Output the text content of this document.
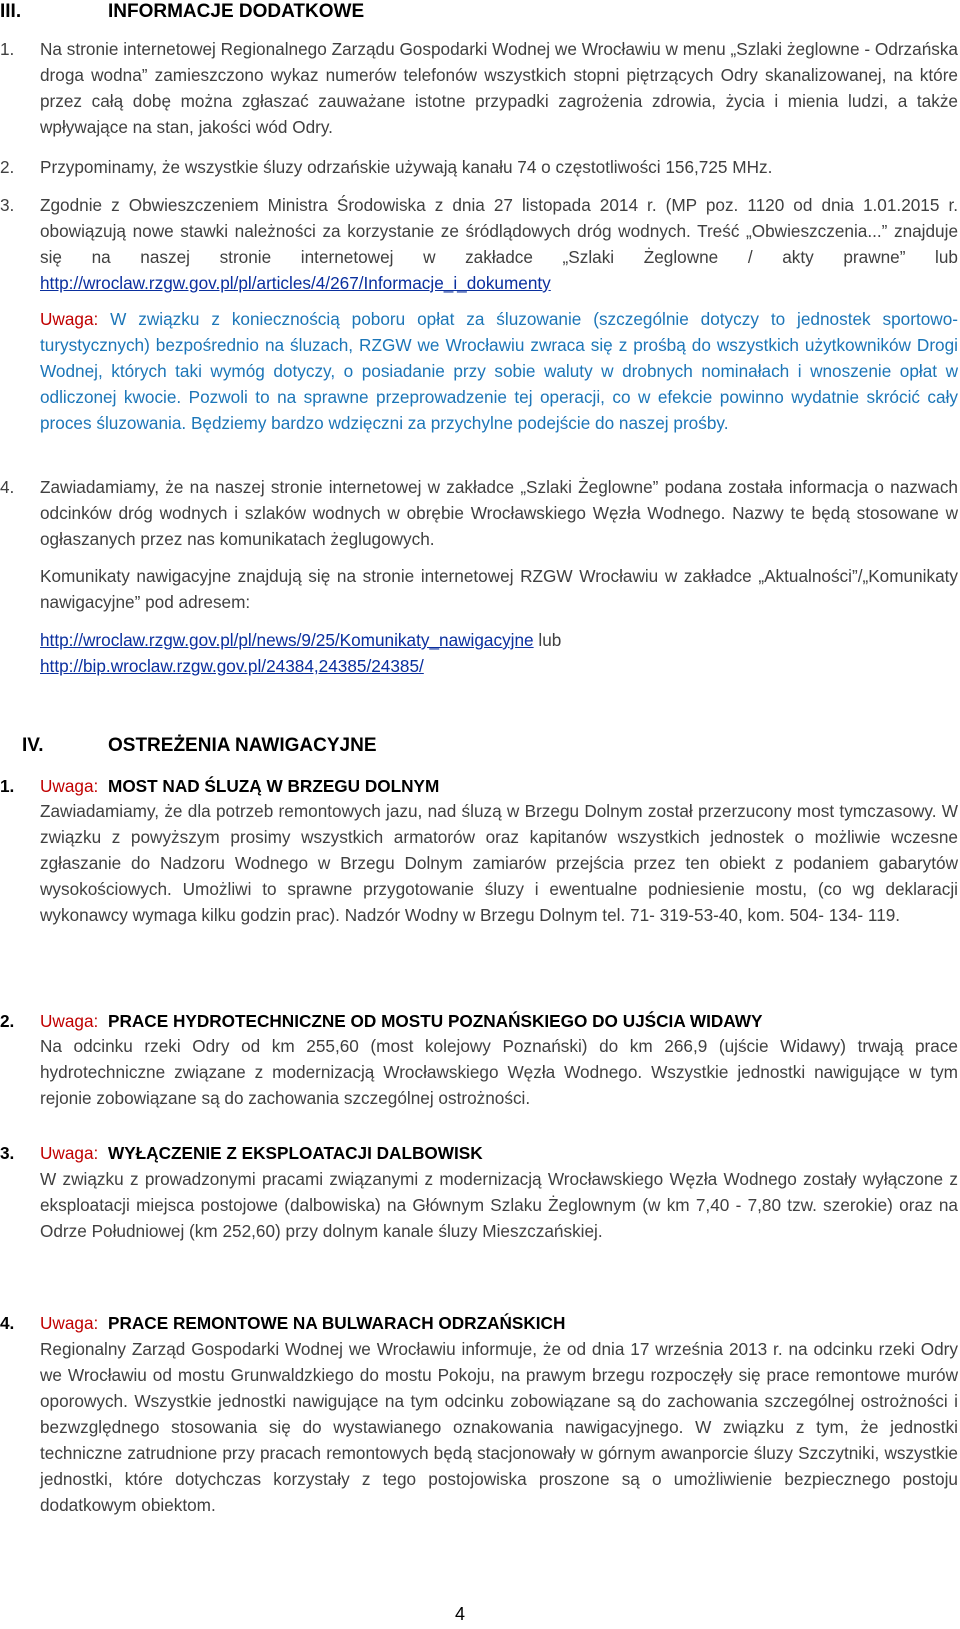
III.	INFORMACJE DODATKOWE
1.	Na stronie internetowej Regionalnego Zarządu Gospodarki Wodnej we Wrocławiu w menu „Szlaki żeglowne - Odrzańska droga wodna” zamieszczono wykaz numerów telefonów wszystkich stopni piętrzących Odry skanalizowanej, na które przez całą dobę można zgłaszać zauważane istotne przypadki zagrożenia zdrowia, życia i mienia ludzi, a także wpływające na stan, jakości wód Odry.
2.	Przypominamy, że wszystkie śluzy odrzańskie używają kanału 74 o częstotliwości 156,725 MHz.
3.	Zgodnie z Obwieszczeniem Ministra Środowiska z dnia 27 listopada 2014 r. (MP poz. 1120 od dnia 1.01.2015 r. obowiązują nowe stawki należności za korzystanie ze śródlądowych dróg wodnych. Treść „Obwieszczenia...” znajduje się na naszej stronie internetowej w zakładce „Szlaki Żeglowne / akty prawne” lub http://wroclaw.rzgw.gov.pl/pl/articles/4/267/Informacje_i_dokumenty
Uwaga: W związku z koniecznością poboru opłat za śluzowanie (szczególnie dotyczy to jednostek sportowo-turystycznych) bezpośrednio na śluzach, RZGW we Wrocławiu zwraca się z prośbą do wszystkich użytkowników Drogi Wodnej, których taki wymóg dotyczy, o posiadanie przy sobie waluty w drobnych nominałach i wnoszenie opłat w odliczonej kwocie. Pozwoli to na sprawne przeprowadzenie tej operacji, co w efekcie powinno wydatnie skrócić cały proces śluzowania. Będziemy bardzo wdzięczni za przychylne podejście do naszej prośby.
4.	Zawiadamiamy, że na naszej stronie internetowej w zakładce „Szlaki Żeglowne” podana została informacja o nazwach odcinków dróg wodnych i szlaków wodnych w obrębie Wrocławskiego Węzła Wodnego. Nazwy te będą stosowane w ogłaszanych przez nas komunikatach żeglugowych.
Komunikaty nawigacyjne znajdują się na stronie internetowej RZGW Wrocławiu w zakładce „Aktualności”/„Komunikaty nawigacyjne” pod adresem:
http://wroclaw.rzgw.gov.pl/pl/news/9/25/Komunikaty_nawigacyjne lub
http://bip.wroclaw.rzgw.gov.pl/24384,24385/24385/
IV.	OSTREŻENIA NAWIGACYJNE
1. Uwaga: MOST NAD ŚLUZĄ W BRZEGU DOLNYM
Zawiadamiamy, że dla potrzeb remontowych jazu, nad śluzą w Brzegu Dolnym został przerzucony most tymczasowy. W związku z powyższym prosimy wszystkich armatorów oraz kapitanów wszystkich jednostek o możliwie wczesne zgłaszanie do Nadzoru Wodnego w Brzegu Dolnym zamiarów przejścia przez ten obiekt z podaniem gabarytów wysokościowych. Umożliwi to sprawne przygotowanie śluzy i ewentualne podniesienie mostu, (co wg deklaracji wykonawcy wymaga kilku godzin prac). Nadzór Wodny w Brzegu Dolnym tel. 71- 319-53-40, kom. 504- 134- 119.
2. Uwaga: PRACE HYDROTECHNICZNE OD MOSTU POZNAŃSKIEGO DO UJŚCIA WIDAWY
Na odcinku rzeki Odry od km 255,60 (most kolejowy Poznański) do km 266,9 (ujście Widawy) trwają prace hydrotechniczne związane z modernizacją Wrocławskiego Węzła Wodnego. Wszystkie jednostki nawigujące w tym rejonie zobowiązane są do zachowania szczególnej ostrożności.
3. Uwaga: WYŁĄCZENIE Z EKSPLOATACJI DALBOWISK
W związku z prowadzonymi pracami związanymi z modernizacją Wrocławskiego Węzła Wodnego zostały wyłączone z eksploatacji miejsca postojowe (dalbowiska) na Głównym Szlaku Żeglownym (w km 7,40 - 7,80 tzw. szerokie) oraz na Odrze Południowej (km 252,60) przy dolnym kanale śluzy Mieszczańskiej.
4. Uwaga: PRACE REMONTOWE NA BULWARACH ODRZAŃSKICH
Regionalny Zarząd Gospodarki Wodnej we Wrocławiu informuje, że od dnia 17 września 2013 r. na odcinku rzeki Odry we Wrocławiu od mostu Grunwaldzkiego do mostu Pokoju, na prawym brzegu rozpoczęły się prace remontowe murów oporowych. Wszystkie jednostki nawigujące na tym odcinku zobowiązane są do zachowania szczególnej ostrożności i bezwzględnego stosowania się do wystawianego oznakowania nawigacyjnego. W związku z tym, że jednostki techniczne zatrudnione przy pracach remontowych będą stacjonowały w górnym awanporcie śluzy Szczytniki, wszystkie jednostki, które dotychczas korzystały z tego postojowiska proszone są o umożliwienie bezpiecznego postoju dodatkowym obiektom.
4
